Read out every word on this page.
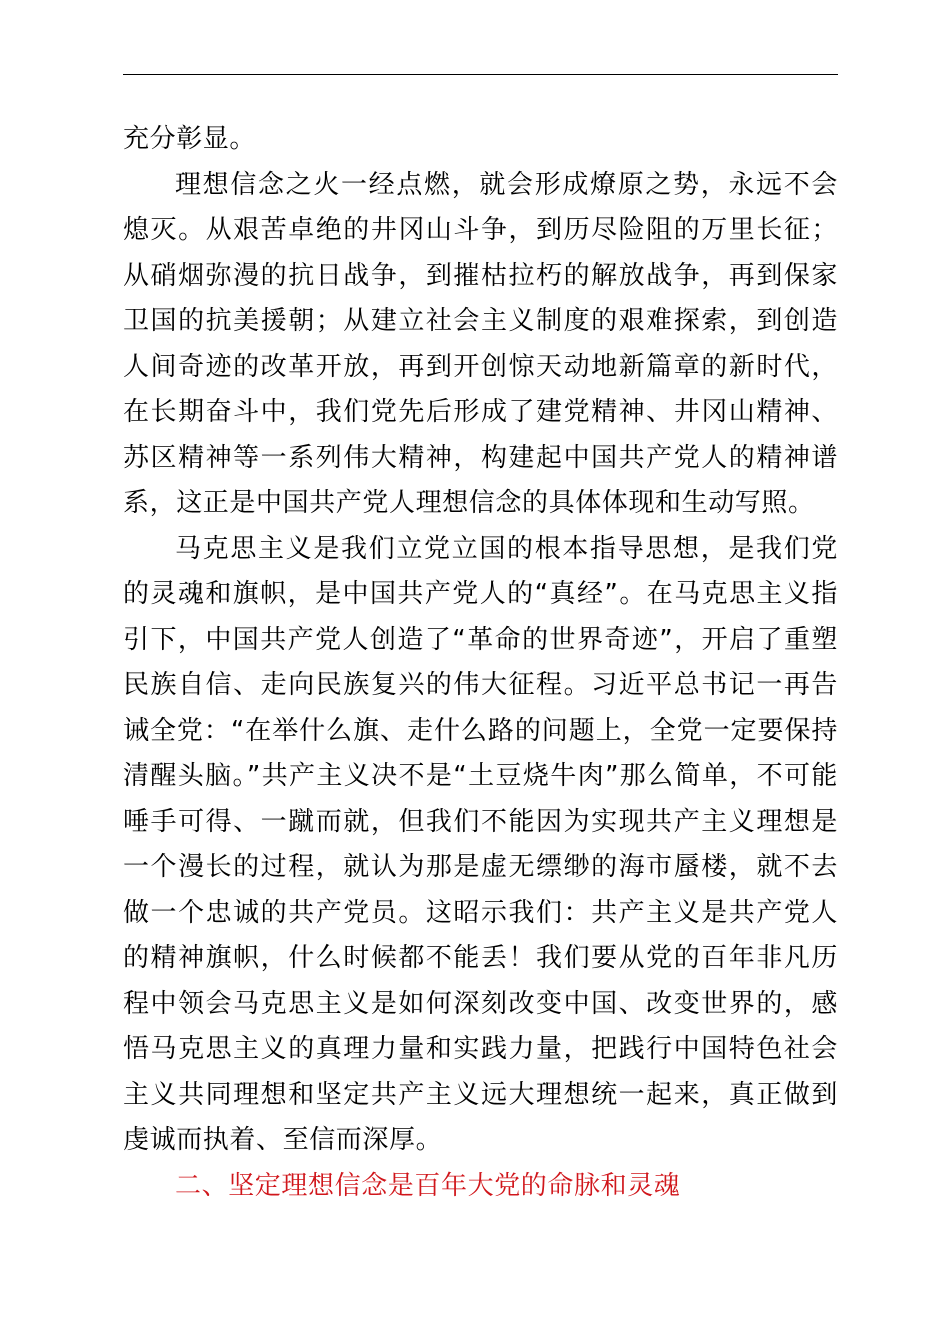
充分彰显。

理想信念之火一经点燃，就会形成燎原之势，永远不会熄灭。从艰苦卓绝的井冈山斗争，到历尽险阻的万里长征；从硝烟弥漫的抗日战争，到摧枯拉朽的解放战争，再到保家卫国的抗美援朝；从建立社会主义制度的艰难探索，到创造人间奇迹的改革开放，再到开创惊天动地新篇章的新时代，在长期奋斗中，我们党先后形成了建党精神、井冈山精神、苏区精神等一系列伟大精神，构建起中国共产党人的精神谱系，这正是中国共产党人理想信念的具体体现和生动写照。

马克思主义是我们立党立国的根本指导思想，是我们党的灵魂和旗帜，是中国共产党人的“真经”。在马克思主义指引下，中国共产党人创造了“革命的世界奇迹”，开启了重塑民族自信、走向民族复兴的伟大征程。习近平总书记一再告诫全党：“在举什么旗、走什么路的问题上，全党一定要保持清醒头脑。”共产主义决不是“土豆烧牛肉”那么简单，不可能唾手可得、一蹴而就，但我们不能因为实现共产主义理想是一个漫长的过程，就认为那是虚无缥缈的海市蜃楼，就不去做一个忠诚的共产党员。这昭示我们：共产主义是共产党人的精神旗帜，什么时候都不能丢！我们要从党的百年非凡历程中领会马克思主义是如何深刻改变中国、改变世界的，感悟马克思主义的真理力量和实践力量，把践行中国特色社会主义共同理想和坚定共产主义远大理想统一起来，真正做到虔诚而执着、至信而深厚。

二、坚定理想信念是百年大党的命脉和灵魂
